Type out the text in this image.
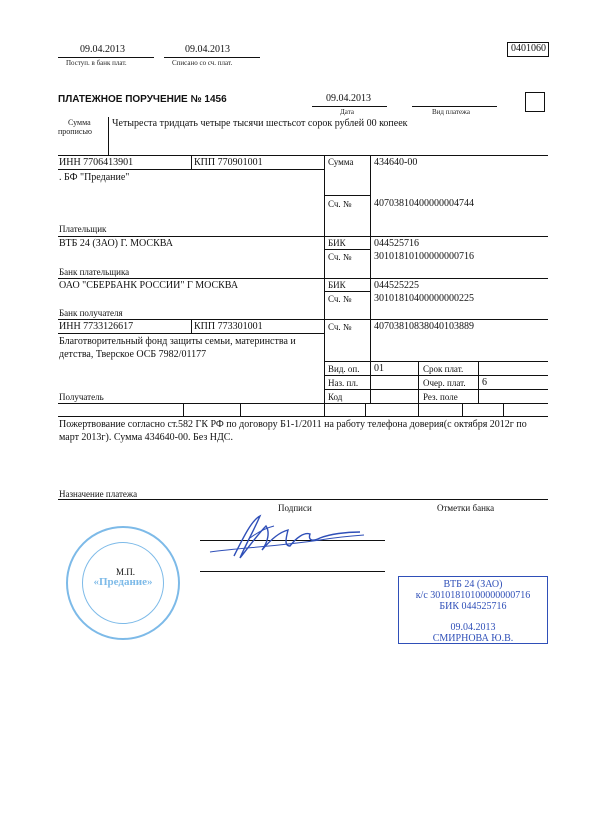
09.04.2013
Поступ. в банк плат.
09.04.2013
Списано со сч. плат.
0401060
ПЛАТЕЖНОЕ ПОРУЧЕНИЕ № 1456	09.04.2013
Дата	Вид платежа
Сумма
прописью
Четыреста тридцать четыре тысячи шестьсот сорок рублей 00 копеек
ИНН 7706413901	КПП 770901001
. БФ "Предание"
Плательщик
Сумма 434640-00
Сч. № 40703810400000004744
ВТБ 24 (ЗАО) Г. МОСКВА
Банк плательщика
БИК	044525716
Сч. № 30101810100000000716
ОАО "СБЕРБАНК РОССИИ" Г МОСКВА
Банк получателя
БИК	044525225
Сч. № 30101810400000000225
ИНН 7733126617	КПП 773301001	Сч. № 40703810838040103889
Благотворительный фонд защиты семьи, материнства и детства, Тверское ОСБ 7982/01177
Получатель
Вид. оп. 01	Срок плат.
Наз. пл.	Очер. плат. 6
Код	Рез. поле
Пожертвование согласно ст.582 ГК РФ по договору Б1-1/2011 на работу телефона доверия(с октября 2012г по март 2013г). Сумма 434640-00. Без НДС.
Назначение платежа
Подписи	Отметки банка
М.П.
«Предание»	ВТБ 24 (ЗАО)
к/с 30101810100000000716
БИК 044525716
09.04.2013
СМИРНОВА Ю.В.
